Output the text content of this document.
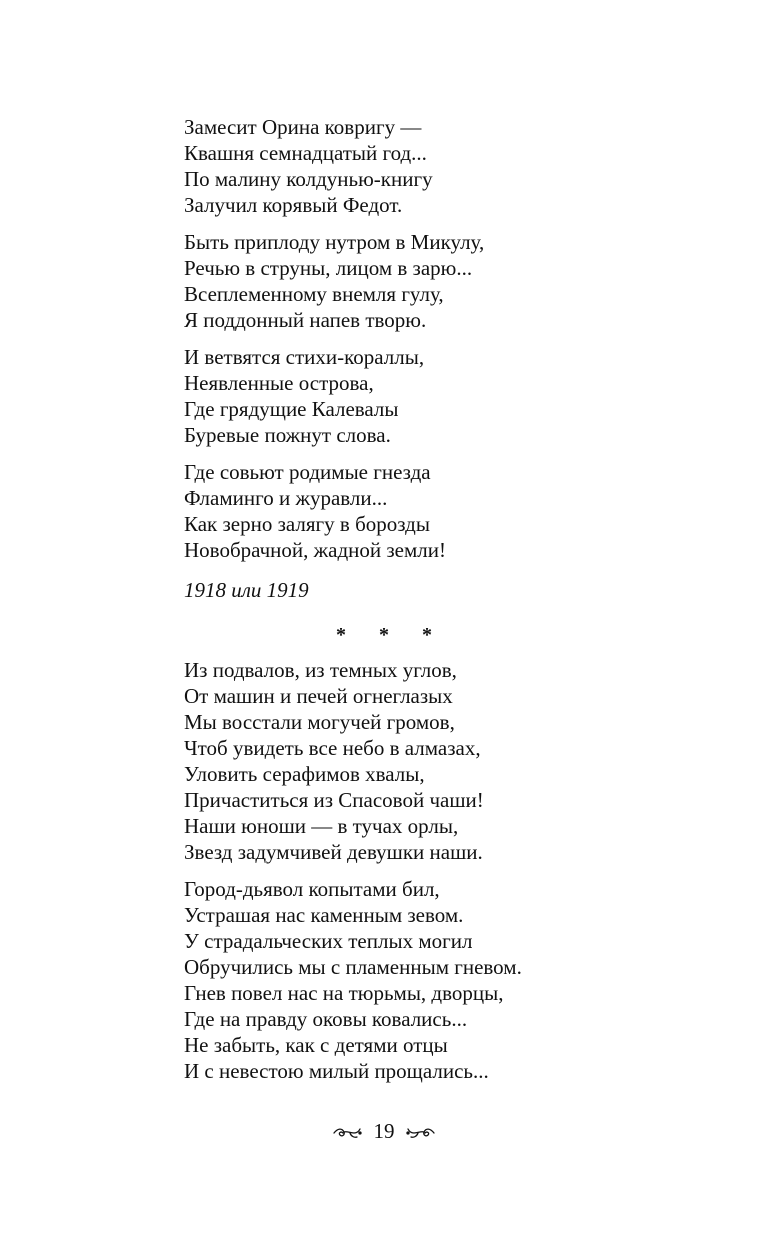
Замесит Орина ковригу —
Квашня семнадцатый год...
По малину колдунью-книгу
Залучил корявый Федот.
Быть приплоду нутром в Микулу,
Речью в струны, лицом в зарю...
Всеплеменному внемля гулу,
Я поддонный напев творю.
И ветвятся стихи-кораллы,
Неявленные острова,
Где грядущие Калевалы
Буревые пожнут слова.
Где совьют родимые гнезда
Фламинго и журавли...
Как зерно залягу в борозды
Новобрачной, жадной земли!
1918 или 1919
* * *
Из подвалов, из темных углов,
От машин и печей огнеглазых
Мы восстали могучей громов,
Чтоб увидеть все небо в алмазах,
Уловить серафимов хвалы,
Причаститься из Спасовой чаши!
Наши юноши — в тучах орлы,
Звезд задумчивей девушки наши.
Город-дьявол копытами бил,
Устрашая нас каменным зевом.
У страдальческих теплых могил
Обручились мы с пламенным гневом.
Гнев повел нас на тюрьмы, дворцы,
Где на правду оковы ковались...
Не забыть, как с детями отцы
И с невестою милый прощались...
19
